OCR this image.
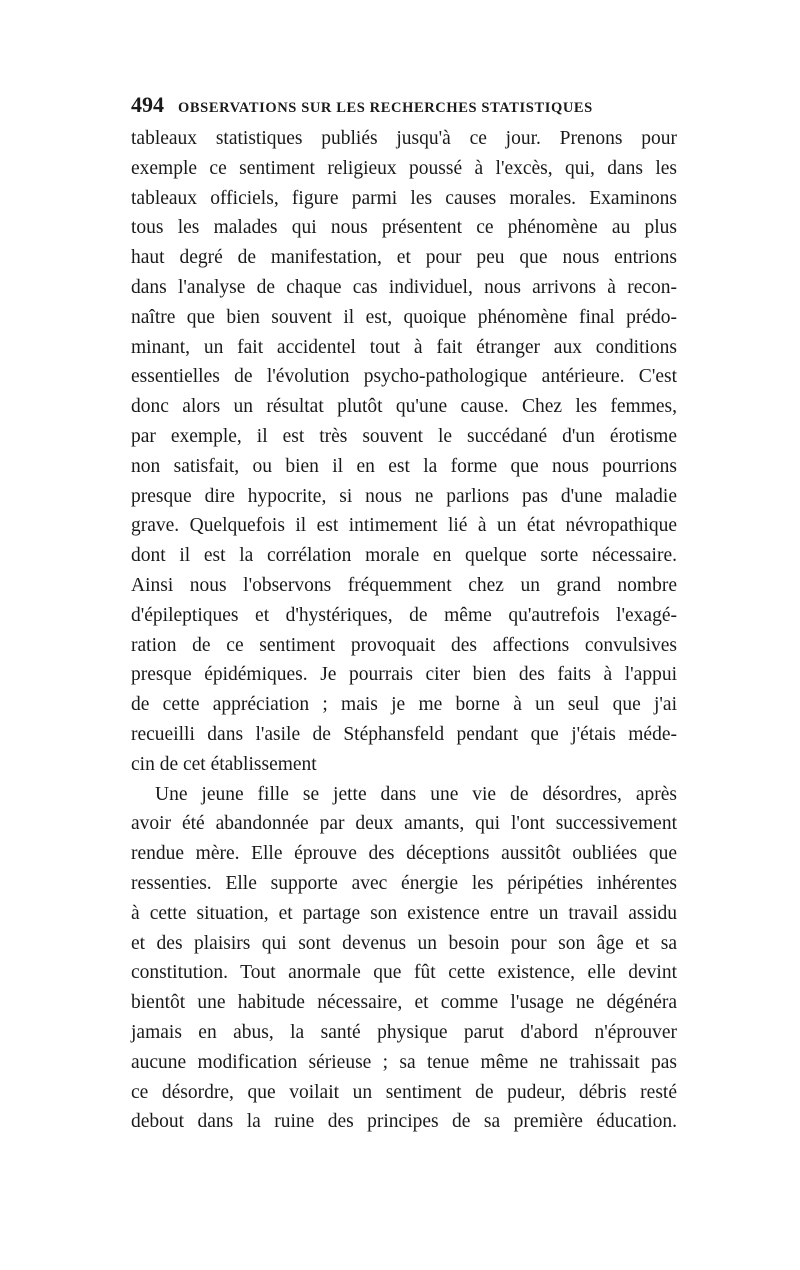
494 OBSERVATIONS SUR LES RECHERCHES STATISTIQUES
tableaux statistiques publiés jusqu'à ce jour. Prenons pour
exemple ce sentiment religieux poussé à l'excès, qui, dans les
tableaux officiels, figure parmi les causes morales. Examinons
tous les malades qui nous présentent ce phénomène au plus
haut degré de manifestation, et pour peu que nous entrions
dans l'analyse de chaque cas individuel, nous arrivons à recon-
naître que bien souvent il est, quoique phénomène final prédo-
minant, un fait accidentel tout à fait étranger aux conditions
essentielles de l'évolution psycho-pathologique antérieure. C'est
donc alors un résultat plutôt qu'une cause. Chez les femmes,
par exemple, il est très souvent le succédané d'un érotisme
non satisfait, ou bien il en est la forme que nous pourrions
presque dire hypocrite, si nous ne parlions pas d'une maladie
grave. Quelquefois il est intimement lié à un état névropathique
dont il est la corrélation morale en quelque sorte nécessaire.
Ainsi nous l'observons fréquemment chez un grand nombre
d'épileptiques et d'hystériques, de même qu'autrefois l'exagé-
ration de ce sentiment provoquait des affections convulsives
presque épidémiques. Je pourrais citer bien des faits à l'appui
de cette appréciation ; mais je me borne à un seul que j'ai
recueilli dans l'asile de Stéphansfeld pendant que j'étais méde-
cin de cet établissement
Une jeune fille se jette dans une vie de désordres, après
avoir été abandonnée par deux amants, qui l'ont successivement
rendue mère. Elle éprouve des déceptions aussitôt oubliées que
ressenties. Elle supporte avec énergie les péripéties inhérentes
à cette situation, et partage son existence entre un travail assidu
et des plaisirs qui sont devenus un besoin pour son âge et sa
constitution. Tout anormale que fût cette existence, elle devint
bientôt une habitude nécessaire, et comme l'usage ne dégénéra
jamais en abus, la santé physique parut d'abord n'éprouver
aucune modification sérieuse ; sa tenue même ne trahissait pas
ce désordre, que voilait un sentiment de pudeur, débris resté
debout dans la ruine des principes de sa première éducation.
